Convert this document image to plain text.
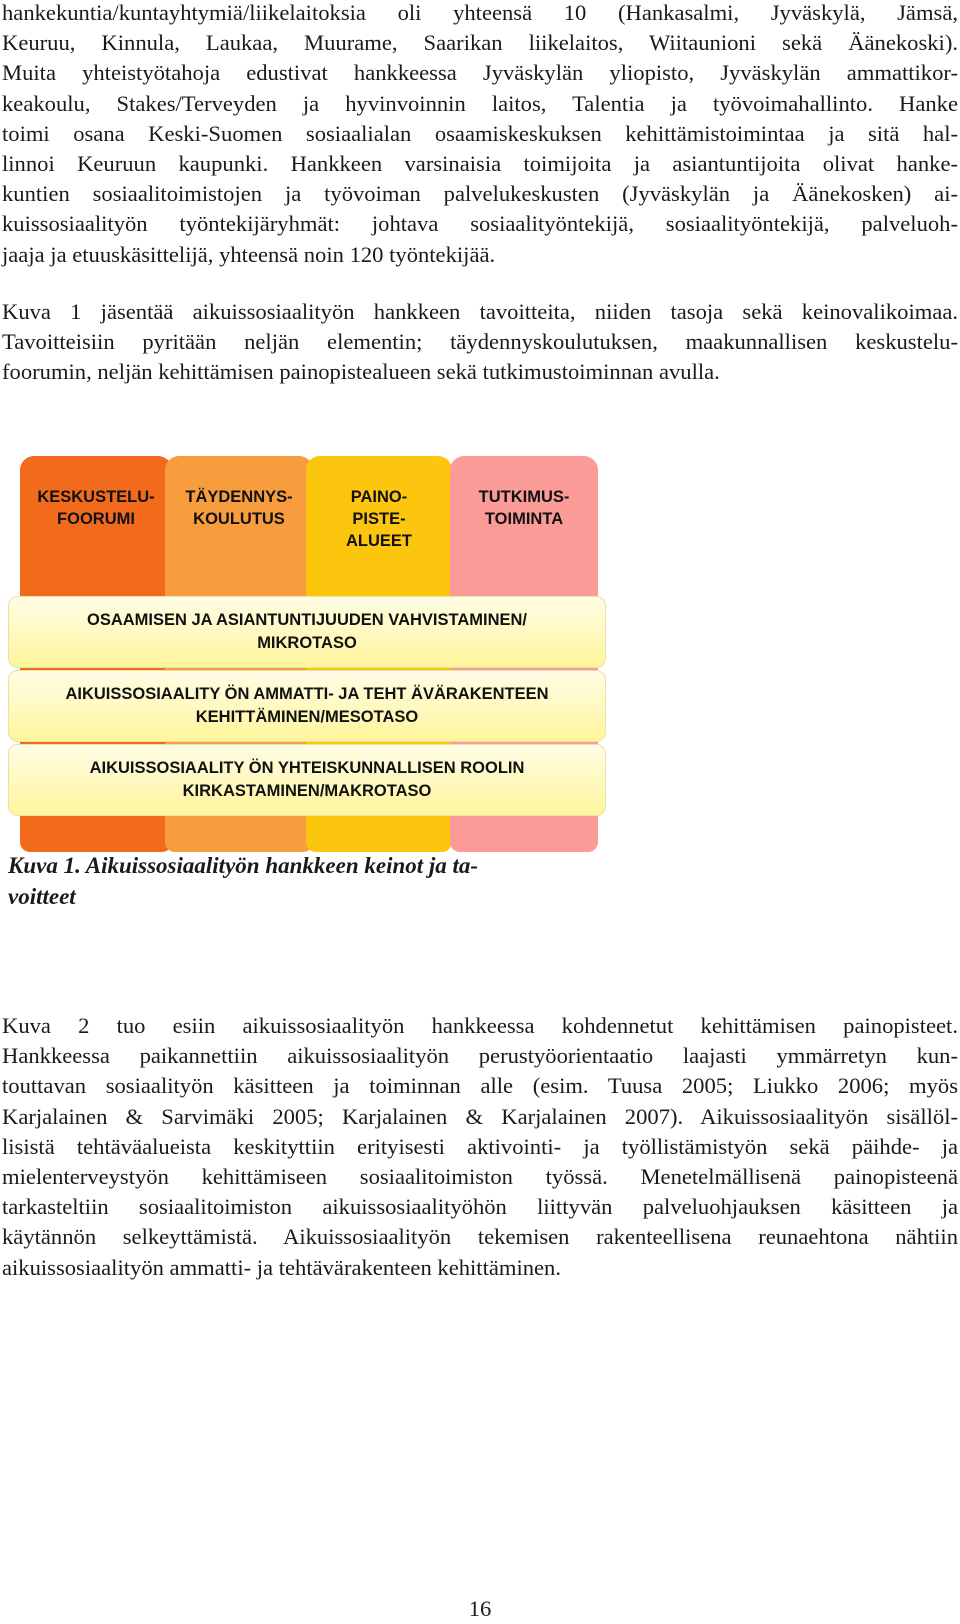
hankekuntia/kuntayhtymiä/liikelaitoksia oli yhteensä 10 (Hankasalmi, Jyväskylä, Jämsä,
Keuruu, Kinnula, Laukaa, Muurame, Saarikan liikelaitos, Wiitaunioni sekä Äänekoski).
Muita yhteistyötahoja edustivat hankkeessa Jyväskylän yliopisto, Jyväskylän ammattikor-
keakoulu, Stakes/Terveyden ja hyvinvoinnin laitos, Talentia ja työvoimahallinto. Hanke
toimi osana Keski-Suomen sosiaalialan osaamiskeskuksen kehittämistoimintaa ja sitä hal-
linnoi Keuruun kaupunki. Hankkeen varsinaisia toimijoita ja asiantuntijoita olivat hanke-
kuntien sosiaalitoimistojen ja työvoiman palvelukeskusten (Jyväskylän ja Äänekosken) ai-
kuissosiaalityön työntekijäryhmät: johtava sosiaalityöntekijä, sosiaalityöntekijä, palveluoh-
jaaja ja etuuskäsittelijä, yhteensä noin 120 työntekijää.
Kuva 1 jäsentää aikuissosiaalityön hankkeen tavoitteita, niiden tasoja sekä keinovalikoimaa.
Tavoitteisiin pyritään neljän elementin; täydennyskoulutuksen, maakunnallisen keskustelu-
foorumin, neljän kehittämisen painopistealueen sekä tutkimustoiminnan avulla.
KESKUSTELU-
FOORUMI
TÄYDENNYS-
KOULUTUS
PAINO-
PISTE-
ALUEET
TUTKIMUS-
TOIMINTA
OSAAMISEN JA ASIANTUNTIJUUDEN VAHVISTAMINEN/
MIKROTASO
AIKUISSOSIAALITY ÖN AMMATTI- JA TEHT ÄVÄRAKENTEEN
KEHITTÄMINEN/MESOTASO
AIKUISSOSIAALITY ÖN YHTEISKUNNALLISEN ROOLIN
KIRKASTAMINEN/MAKROTASO
Kuva 1. Aikuissosiaalityön hankkeen keinot ja ta-
voitteet
Kuva 2 tuo esiin aikuissosiaalityön hankkeessa kohdennetut kehittämisen painopisteet.
Hankkeessa paikannettiin aikuissosiaalityön perustyöorientaatio laajasti ymmärretyn kun-
touttavan sosiaalityön käsitteen ja toiminnan alle (esim. Tuusa 2005; Liukko 2006; myös
Karjalainen & Sarvimäki 2005; Karjalainen & Karjalainen 2007). Aikuissosiaalityön sisällöl-
lisistä tehtäväalueista keskityttiin erityisesti aktivointi- ja työllistämistyön sekä päihde- ja
mielenterveystyön kehittämiseen sosiaalitoimiston työssä. Menetelmällisenä painopisteenä
tarkasteltiin sosiaalitoimiston aikuissosiaalityöhön liittyvän palveluohjauksen käsitteen ja
käytännön selkeyttämistä. Aikuissosiaalityön tekemisen rakenteellisena reunaehtona nähtiin
aikuissosiaalityön ammatti- ja tehtävärakenteen kehittäminen.
16
